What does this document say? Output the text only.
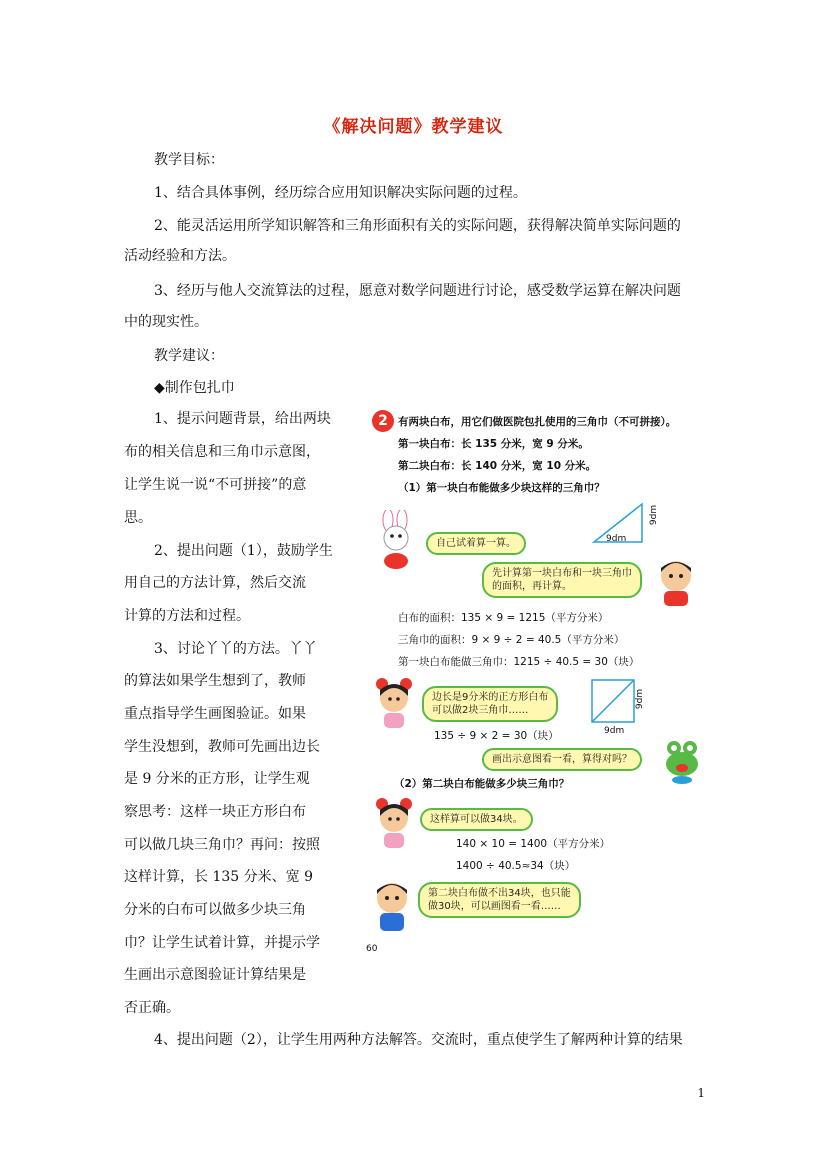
《解决问题》教学建议
教学目标：
1、结合具体事例，经历综合应用知识解决实际问题的过程。
2、能灵活运用所学知识解答和三角形面积有关的实际问题，获得解决简单实际问题的
活动经验和方法。
3、经历与他人交流算法的过程，愿意对数学问题进行讨论，感受数学运算在解决问题
中的现实性。
教学建议：
◆制作包扎巾
1、提示问题背景，给出两块
布的相关信息和三角巾示意图，
让学生说一说“不可拼接”的意
思。
2、提出问题（1），鼓励学生
用自己的方法计算，然后交流
计算的方法和过程。
3、讨论丫丫的方法。丫丫
的算法如果学生想到了，教师
重点指导学生画图验证。如果
学生没想到，教师可先画出边长
是 9 分米的正方形，让学生观
察思考：这样一块正方形白布
可以做几块三角巾？再问：按照
这样计算，长 135 分米、宽 9
分米的白布可以做多少块三角
巾？让学生试着计算，并提示学
生画出示意图验证计算结果是
否正确。
2 有两块白布，用它们做医院包扎使用的三角巾（不可拼接）。
第一块白布：长 135 分米，宽 9 分米。
第二块白布：长 140 分米，宽 10 分米。
（1）第一块白布能做多少块这样的三角巾？
9dm
9dm
自己试着算一算。
先计算第一块白布和一块三角巾
的面积，再计算。
白布的面积：135 × 9 = 1215（平方分米）
三角巾的面积：9 × 9 ÷ 2 = 40.5（平方分米）
第一块白布能做三角巾：1215 ÷ 40.5 = 30（块）
边长是9分米的正方形白布
可以做2块三角巾……
9dm
9dm
135 ÷ 9 × 2 = 30（块）
画出示意图看一看，算得对吗？
（2）第二块白布能做多少块三角巾？
这样算可以做34块。
140 × 10 = 1400（平方分米）
1400 ÷ 40.5≈34（块）
第二块白布做不出34块，也只能
做30块，可以画图看一看……
60
4、提出问题（2），让学生用两种方法解答。交流时，重点使学生了解两种计算的结果
1
